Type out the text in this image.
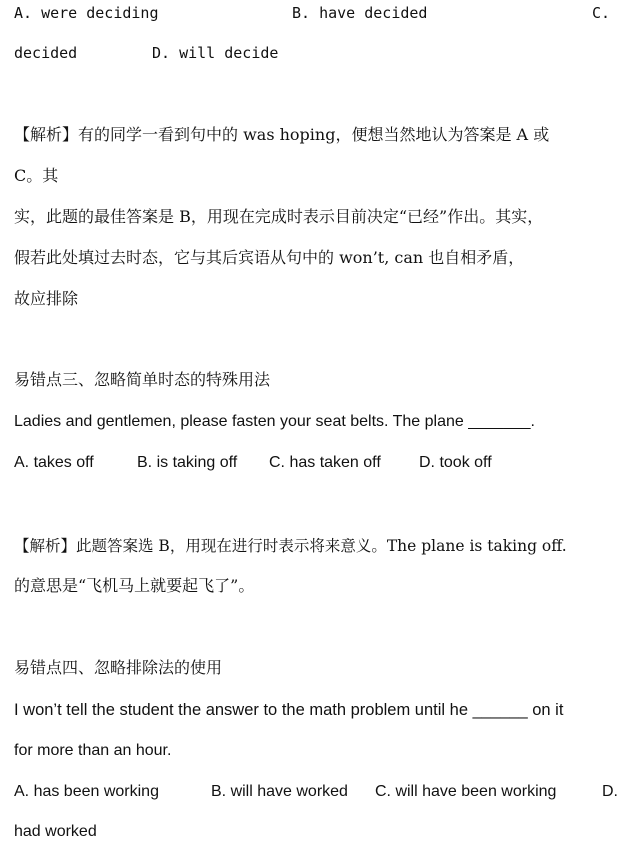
A. were deciding	B. have decided	C.
decided	D. will decide
【解析】有的同学一看到句中的 was hoping，便想当然地认为答案是 A 或
C。其
实，此题的最佳答案是 B，用现在完成时表示目前决定“已经”作出。其实，
假若此处填过去时态，它与其后宾语从句中的 won’t, can 也自相矛盾，
故应排除
易错点三、忽略简单时态的特殊用法
Ladies and gentlemen, please fasten your seat belts. The plane _______.
A. takes off	B. is taking off C. has taken off D. took off
【解析】此题答案选 B，用现在进行时表示将来意义。The plane is taking off.
的意思是“飞机马上就要起飞了”。
易错点四、忽略排除法的使用
I won’t tell the student the answer to the math problem until he ______ on it
for more than an hour.
A. has been working	B. will have worked C. will have been working	D.
had worked
